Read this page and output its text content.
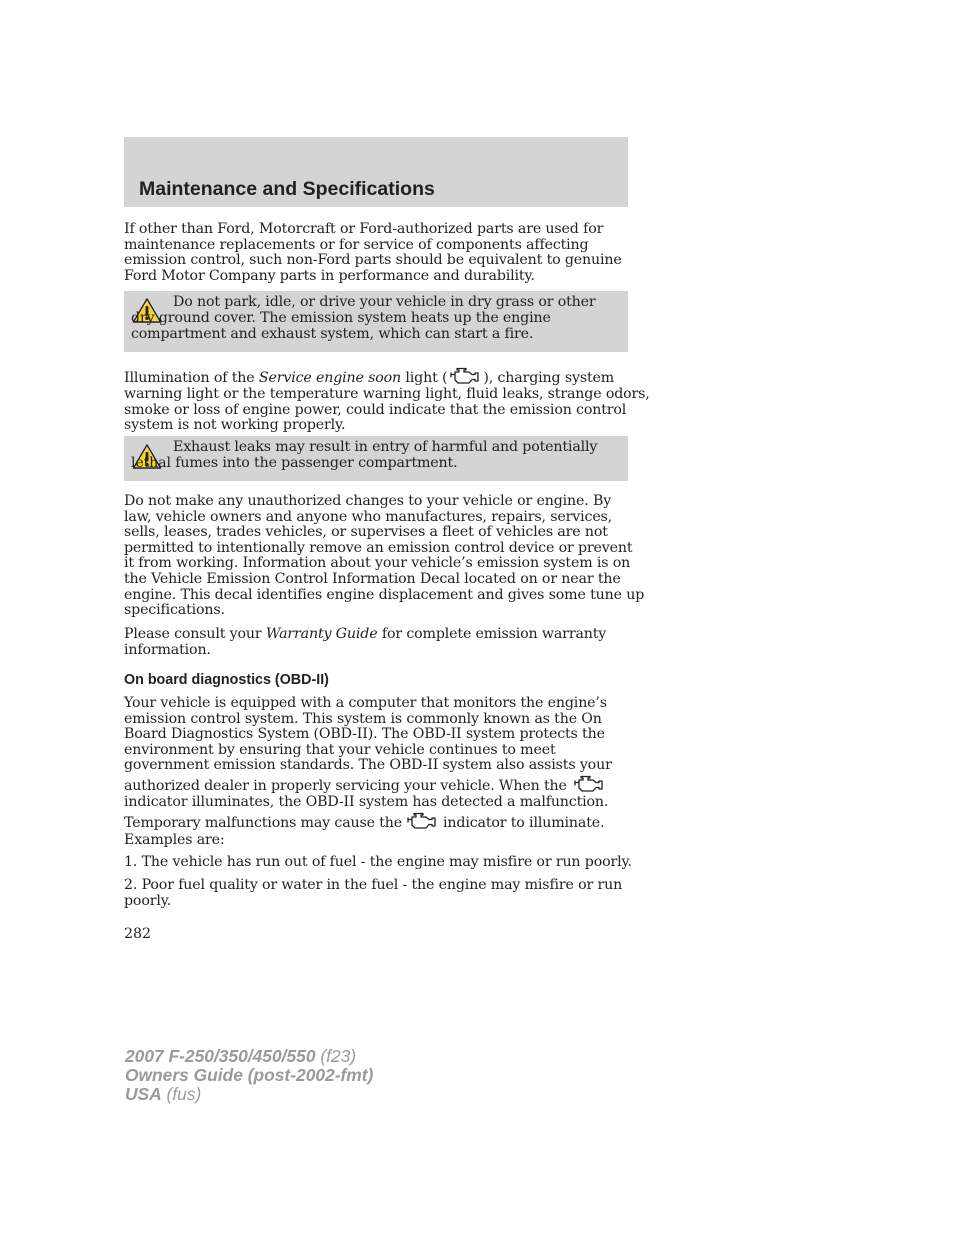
Maintenance and Specifications
If other than Ford, Motorcraft or Ford-authorized parts are used for
maintenance replacements or for service of components affecting
emission control, such non-Ford parts should be equivalent to genuine
Ford Motor Company parts in performance and durability.

Do not park, idle, or drive your vehicle in dry grass or other dry ground cover. The emission system heats up the engine compartment and exhaust system, which can start a fire.

Illumination of the Service engine soon light (	), charging system
warning light or the temperature warning light, fluid leaks, strange odors,
smoke or loss of engine power, could indicate that the emission control
system is not working properly.

Exhaust leaks may result in entry of harmful and potentially lethal fumes into the passenger compartment.

Do not make any unauthorized changes to your vehicle or engine. By
law, vehicle owners and anyone who manufactures, repairs, services,
sells, leases, trades vehicles, or supervises a fleet of vehicles are not
permitted to intentionally remove an emission control device or prevent
it from working. Information about your vehicle’s emission system is on
the Vehicle Emission Control Information Decal located on or near the
engine. This decal identifies engine displacement and gives some tune up
specifications.
Please consult your Warranty Guide for complete emission warranty
information.
On board diagnostics (OBD-II)
Your vehicle is equipped with a computer that monitors the engine’s
emission control system. This system is commonly known as the On
Board Diagnostics System (OBD-II). The OBD-II system protects the
environment by ensuring that your vehicle continues to meet
government emission standards. The OBD-II system also assists your
authorized dealer in properly servicing your vehicle. When the
indicator illuminates, the OBD-II system has detected a malfunction.
Temporary malfunctions may cause the	indicator to illuminate.
Examples are:
1. The vehicle has run out of fuel - the engine may misfire or run poorly.
2. Poor fuel quality or water in the fuel - the engine may misfire or run
poorly.
282
2007 F-250/350/450/550 (f23)
Owners Guide (post-2002-fmt)
USA (fus)
